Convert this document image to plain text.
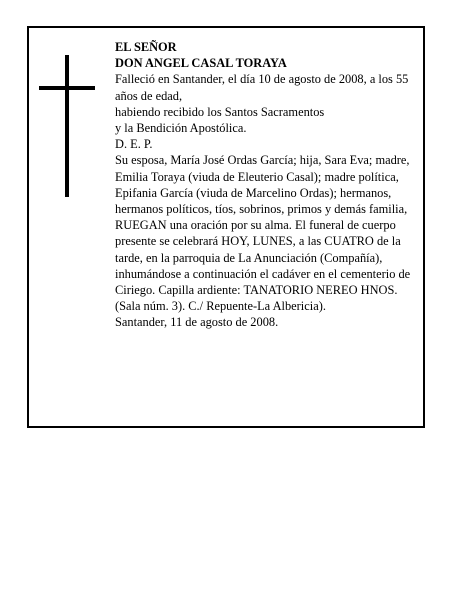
EL SEÑOR

DON ANGEL CASAL TORAYA

Falleció en Santander, el día 10 de agosto de 2008, a los 55 años de edad,

habiendo recibido los Santos Sacramentos

y la Bendición Apostólica.

D. E. P.

Su esposa, María José Ordas García; hija, Sara Eva; madre, Emilia Toraya (viuda de Eleuterio Casal); madre política, Epifania García (viuda de Marcelino Ordas); hermanos, hermanos políticos, tíos, sobrinos, primos y demás familia,

RUEGAN una oración por su alma. El funeral de cuerpo presente se celebrará HOY, LUNES, a las CUATRO de la tarde, en la parroquia de La Anunciación (Compañía), inhumándose a continuación el cadáver en el cementerio de Ciriego. Capilla ardiente: TANATORIO NEREO HNOS. (Sala núm. 3). C./ Repuente-La Albericia).

Santander, 11 de agosto de 2008.
